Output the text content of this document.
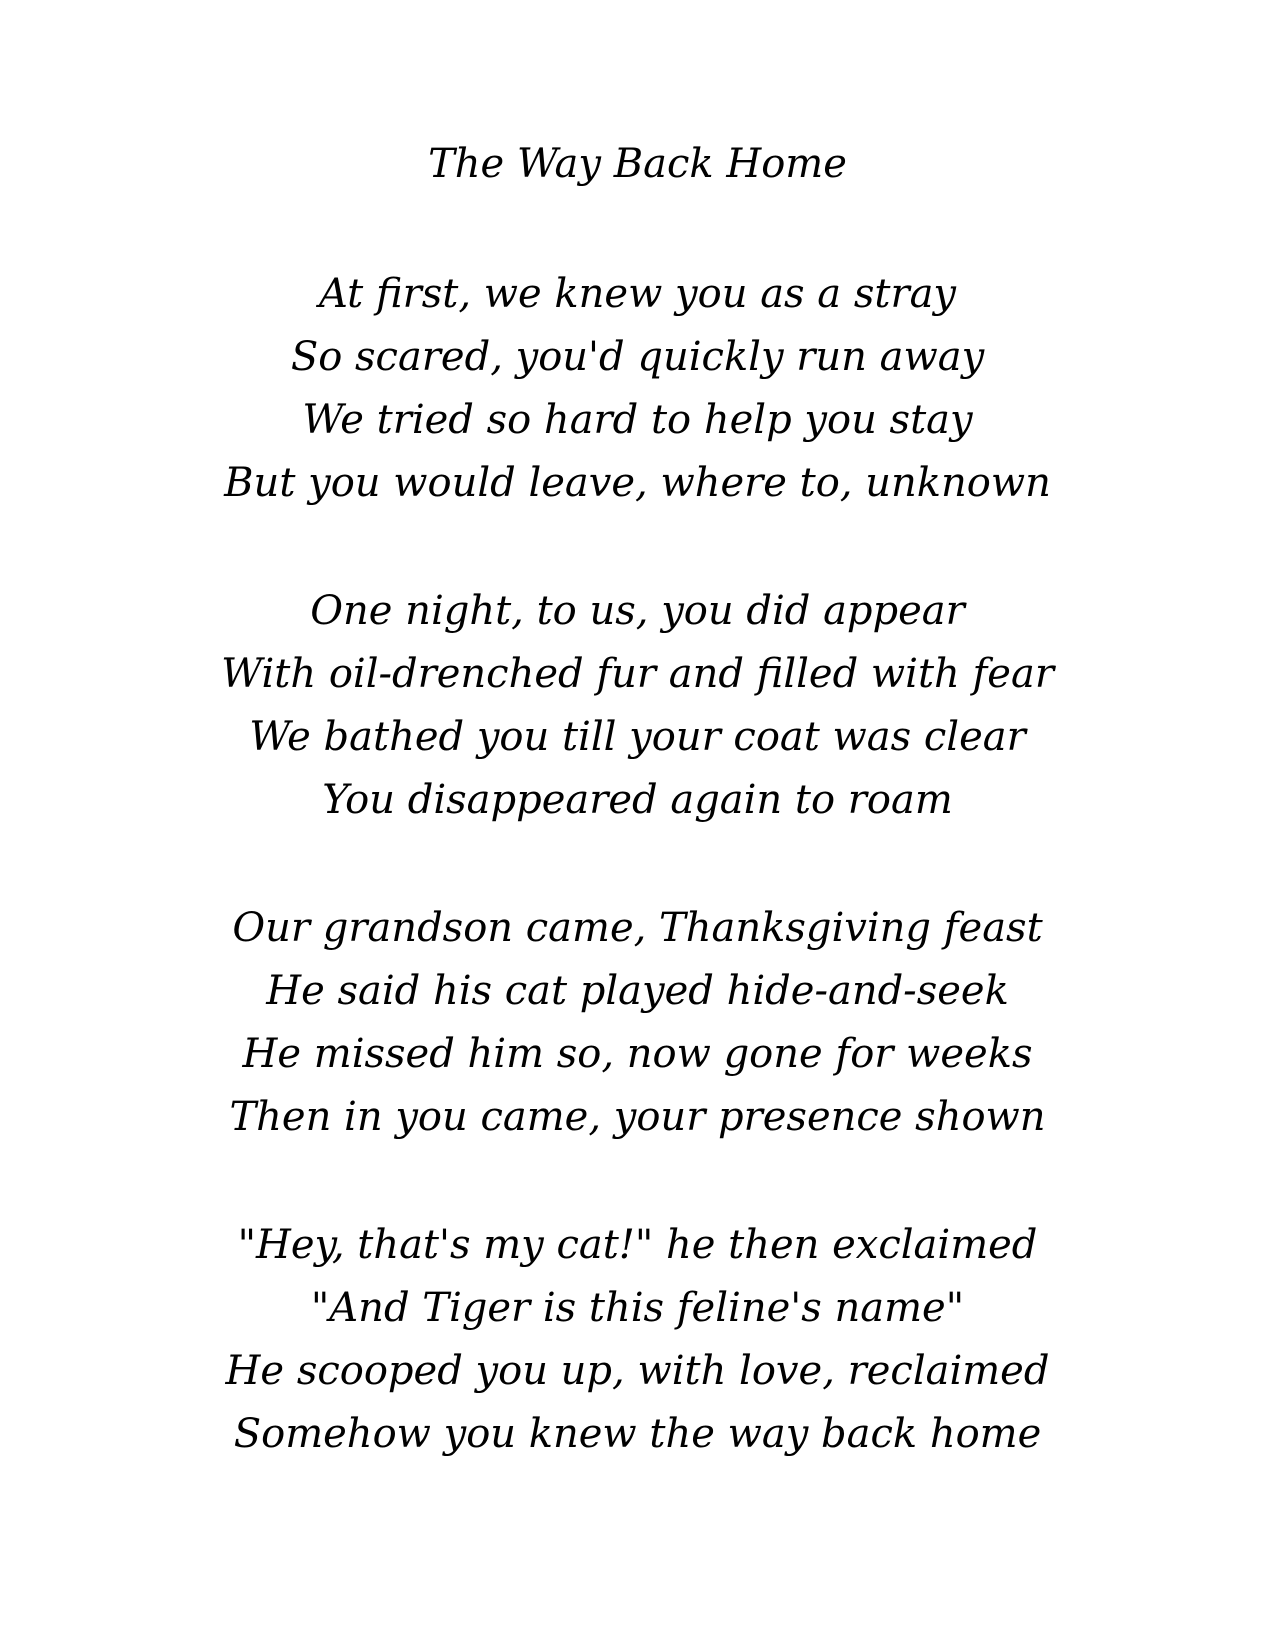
The Way Back Home
At first, we knew you as a stray
So scared, you'd quickly run away
We tried so hard to help you stay
But you would leave, where to, unknown
One night, to us, you did appear
With oil-drenched fur and filled with fear
We bathed you till your coat was clear
You disappeared again to roam
Our grandson came, Thanksgiving feast
He said his cat played hide-and-seek
He missed him so, now gone for weeks
Then in you came, your presence shown
"Hey, that's my cat!" he then exclaimed
"And Tiger is this feline's name"
He scooped you up, with love, reclaimed
Somehow you knew the way back home
